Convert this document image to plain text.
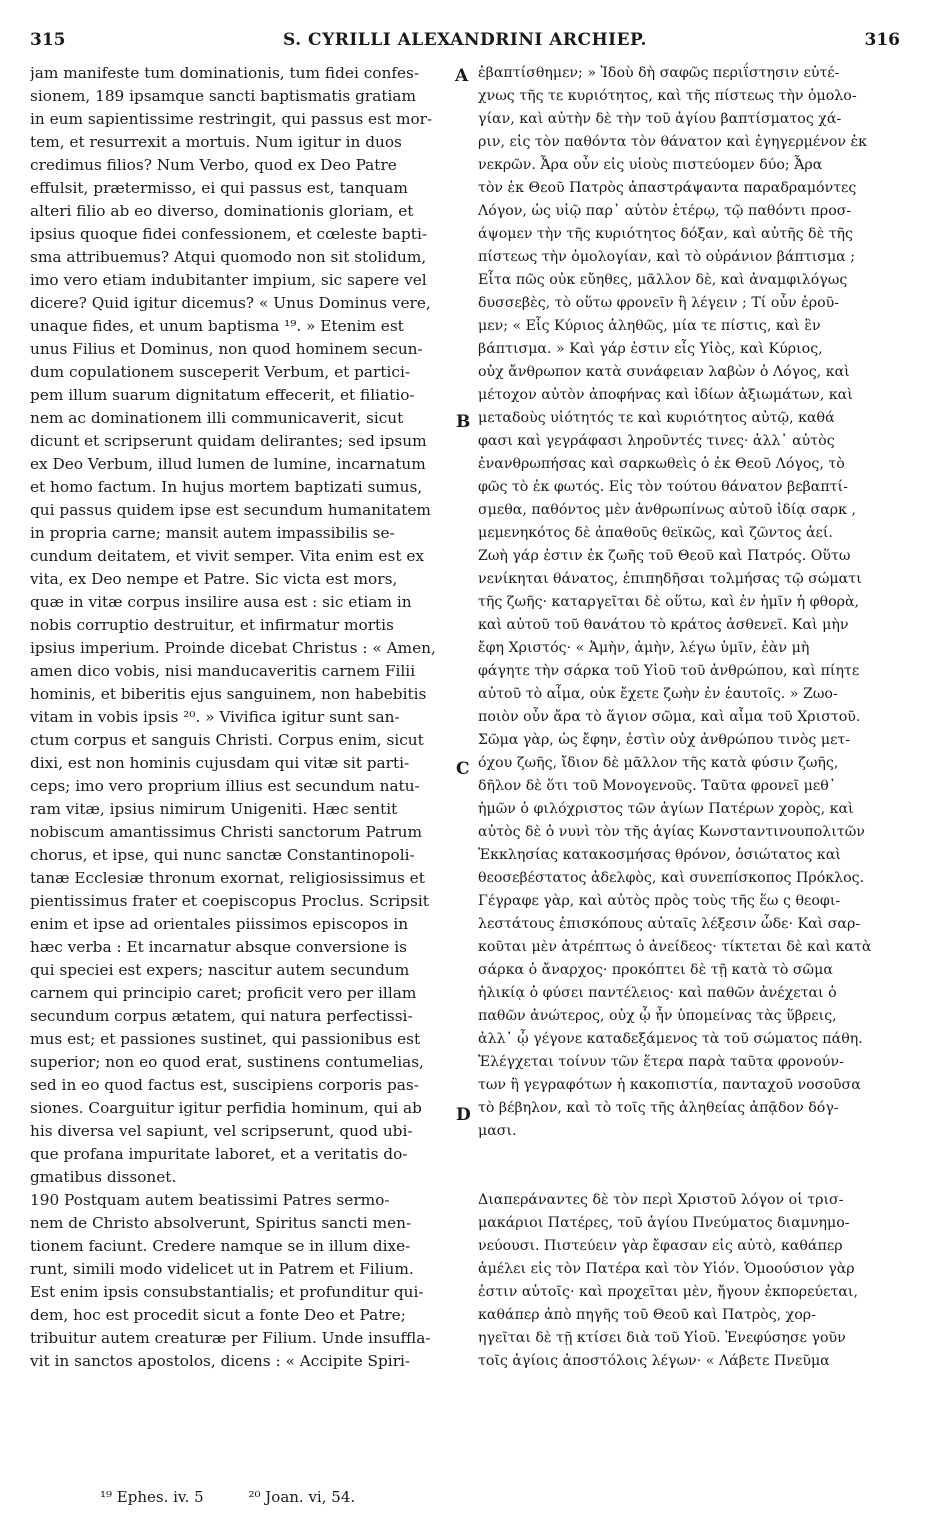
315	S. CYRILLI ALEXANDRINI ARCHIEP.	316
jam manifeste tum dominationis, tum fidei confes-
sionem, 189 ipsamque sancti baptismatis gratiam
in eum sapientissime restringit, qui passus est mor-
tem, et resurrexit a mortuis. Num igitur in duos
credimus filios? Num Verbo, quod ex Deo Patre
effulsit, prætermisso, ei qui passus est, tanquam
alteri filio ab eo diverso, dominationis gloriam, et
ipsius quoque fidei confessionem, et cœleste bapti-
sma attribuemus? Atqui quomodo non sit stolidum,
imo vero etiam indubitanter impium, sic sapere vel
dicere? Quid igitur dicemus? « Unus Dominus vere,
unaque fides, et unum baptisma ¹⁹. » Etenim est
unus Filius et Dominus, non quod hominem secun-
dum copulationem susceperit Verbum, et partici-
pem illum suarum dignitatum effecerit, et filiatio-
nem ac dominationem illi communicaverit, sicut
dicunt et scripserunt quidam delirantes; sed ipsum
ex Deo Verbum, illud lumen de lumine, incarnatum
et homo factum. In hujus mortem baptizati sumus,
qui passus quidem ipse est secundum humanitatem
in propria carne; mansit autem impassibilis se-
cundum deitatem, et vivit semper. Vita enim est ex
vita, ex Deo nempe et Patre. Sic victa est mors,
quæ in vitæ corpus insilire ausa est : sic etiam in
nobis corruptio destruitur, et infirmatur mortis
ipsius imperium. Proinde dicebat Christus : « Amen,
amen dico vobis, nisi manducaveritis carnem Filii
hominis, et biberitis ejus sanguinem, non habebitis
vitam in vobis ipsis ²⁰. » Vivifica igitur sunt san-
ctum corpus et sanguis Christi. Corpus enim, sicut
dixi, est non hominis cujusdam qui vitæ sit parti-
ceps; imo vero proprium illius est secundum natu-
ram vitæ, ipsius nimirum Unigeniti. Hæc sentit
nobiscum amantissimus Christi sanctorum Patrum
chorus, et ipse, qui nunc sanctæ Constantinopoli-
tanæ Ecclesiæ thronum exornat, religiosissimus et
pientissimus frater et coepiscopus Proclus. Scripsit
enim et ipse ad orientales piissimos episcopos in
hæc verba : Et incarnatur absque conversione is
qui speciei est expers; nascitur autem secundum
carnem qui principio caret; proficit vero per illam
secundum corpus ætatem, qui natura perfectissi-
mus est; et passiones sustinet, qui passionibus est
superior; non eo quod erat, sustinens contumelias,
sed in eo quod factus est, suscipiens corporis pas-
siones. Coarguitur igitur perfidia hominum, qui ab
his diversa vel sapiunt, vel scripserunt, quod ubi-
que profana impuritate laboret, et a veritatis do-
gmatibus dissonet.
190 Postquam autem beatissimi Patres sermo-
nem de Christo absolverunt, Spiritus sancti men-
tionem faciunt. Credere namque se in illum dixe-
runt, simili modo videlicet ut in Patrem et Filium.
Est enim ipsis consubstantialis; et profunditur qui-
dem, hoc est procedit sicut a fonte Deo et Patre;
tribuitur autem creaturæ per Filium. Unde insuffla-
vit in sanctos apostolos, dicens : « Accipite Spiri-
ἐβαπτίσθημεν; » Ἰδοὺ δὴ σαφῶς περιΐστησιν εὐτέ-
χνως τῆς τε κυριότητος, καὶ τῆς πίστεως τὴν ὁμολο-
γίαν, καὶ αὐτὴν δὲ τὴν τοῦ ἁγίου βαπτίσματος χά-
ριν, εἰς τὸν παθόντα τὸν θάνατον καὶ ἐγηγερμένον ἐκ
νεκρῶν. Ἆρα οὖν εἰς υἱοὺς πιστεύομεν δύο; Ἆρα
τὸν ἐκ Θεοῦ Πατρὸς ἀπαστράψαντα παραδραμόντες
Λόγον, ὡς υἱῷ παρ᾽ αὐτὸν ἑτέρῳ, τῷ παθόντι προσ-
άψομεν τὴν τῆς κυριότητος δόξαν, καὶ αὐτῆς δὲ τῆς
πίστεως τὴν ὁμολογίαν, καὶ τὸ οὐράνιον βάπτισμα ;
Εἶτα πῶς οὐκ εὔηθες, μᾶλλον δὲ, καὶ ἀναμφιλόγως
δυσσεβὲς, τὸ οὕτω φρονεῖν ἢ λέγειν ; Τί οὖν ἐροῦ-
μεν; « Εἷς Κύριος ἀληθῶς, μία τε πίστις, καὶ ἓν
βάπτισμα. » Καὶ γάρ ἐστιν εἷς Υἱὸς, καὶ Κύριος,
οὐχ ἄνθρωπον κατὰ συνάφειαν λαβὼν ὁ Λόγος, καὶ
μέτοχον αὐτὸν ἀποφήνας καὶ ἰδίων ἀξιωμάτων, καὶ
μεταδοὺς υἱότητός τε καὶ κυριότητος αὐτῷ, καθά
φασι καὶ γεγράφασι ληροῦντές τινες· ἀλλ᾽ αὐτὸς
ἐνανθρωπήσας καὶ σαρκωθεὶς ὁ ἐκ Θεοῦ Λόγος, τὸ
φῶς τὸ ἐκ φωτός. Εἰς τὸν τούτου θάνατον βεβαπτί-
σμεθα, παθόντος μὲν ἀνθρωπίνως αὐτοῦ ἰδίᾳ σαρκ ,
μεμενηκότος δὲ ἀπαθοῦς θεϊκῶς, καὶ ζῶντος ἀεί.
Ζωὴ γάρ ἐστιν ἐκ ζωῆς τοῦ Θεοῦ καὶ Πατρός. Οὕτω
νενίκηται θάνατος, ἐπιπηδῆσαι τολμήσας τῷ σώματι
τῆς ζωῆς· καταργεῖται δὲ οὕτω, καὶ ἐν ἡμῖν ἡ φθορὰ,
καὶ αὐτοῦ τοῦ θανάτου τὸ κράτος ἀσθενεῖ. Καὶ μὴν
ἔφη Χριστός· « Ἀμὴν, ἀμὴν, λέγω ὑμῖν, ἐὰν μὴ
φάγητε τὴν σάρκα τοῦ Υἱοῦ τοῦ ἀνθρώπου, καὶ πίητε
αὐτοῦ τὸ αἷμα, οὐκ ἔχετε ζωὴν ἐν ἑαυτοῖς. » Ζωο-
ποιὸν οὖν ἄρα τὸ ἅγιον σῶμα, καὶ αἷμα τοῦ Χριστοῦ.
Σῶμα γὰρ, ὡς ἔφην, ἐστὶν οὐχ ἀνθρώπου τινὸς μετ-
όχου ζωῆς, ἴδιον δὲ μᾶλλον τῆς κατὰ φύσιν ζωῆς,
δῆλον δὲ ὅτι τοῦ Μονογενοῦς. Ταῦτα φρονεῖ μεθ᾽
ἡμῶν ὁ φιλόχριστος τῶν ἁγίων Πατέρων χορὸς, καὶ
αὐτὸς δὲ ὁ νυνὶ τὸν τῆς ἁγίας Κωνσταντινουπολιτῶν
Ἐκκλησίας κατακοσμήσας θρόνον, ὁσιώτατος καὶ
θεοσεβέστατος ἀδελφὸς, καὶ συνεπίσκοπος Πρόκλος.
Γέγραφε γὰρ, καὶ αὐτὸς πρὸς τοὺς τῆς ἕω ς θεοφι-
λεστάτους ἐπισκόπους αὐταῖς λέξεσιν ὧδε· Καὶ σαρ-
κοῦται μὲν ἀτρέπτως ὁ ἀνείδεος· τίκτεται δὲ καὶ κατὰ
σάρκα ὁ ἄναρχος· προκόπτει δὲ τῇ κατὰ τὸ σῶμα
ἡλικίᾳ ὁ φύσει παντέλειος· καὶ παθῶν ἀνέχεται ὁ
παθῶν ἀνώτερος, οὐχ ᾧ ἦν ὑπομείνας τὰς ὕβρεις,
ἀλλ᾽ ᾧ γέγονε καταδεξάμενος τὰ τοῦ σώματος πάθη.
Ἐλέγχεται τοίνυν τῶν ἕτερα παρὰ ταῦτα φρονούν-
των ἢ γεγραφότων ἡ κακοπιστία, πανταχοῦ νοσοῦσα
τὸ βέβηλον, καὶ τὸ τοῖς τῆς ἀληθείας ἀπᾷδον δόγ-
μασι.
Διαπεράναντες δὲ τὸν περὶ Χριστοῦ λόγον οἱ τρισ-
μακάριοι Πατέρες, τοῦ ἁγίου Πνεύματος διαμνημο-
νεύουσι. Πιστεύειν γὰρ ἔφασαν εἰς αὐτὸ, καθάπερ
ἀμέλει εἰς τὸν Πατέρα καὶ τὸν Υἱόν. Ὁμοούσιον γὰρ
ἐστιν αὐτοῖς· καὶ προχεῖται μὲν, ἤγουν ἐκπορεύεται,
καθάπερ ἀπὸ πηγῆς τοῦ Θεοῦ καὶ Πατρὸς, χορ-
ηγεῖται δὲ τῇ κτίσει διὰ τοῦ Υἱοῦ. Ἐνεφύσησε γοῦν
τοῖς ἁγίοις ἀποστόλοις λέγων· « Λάβετε Πνεῦμα
A
B
C
D
¹⁹ Ephes. iv. 5	²⁰ Joan. vi, 54.
